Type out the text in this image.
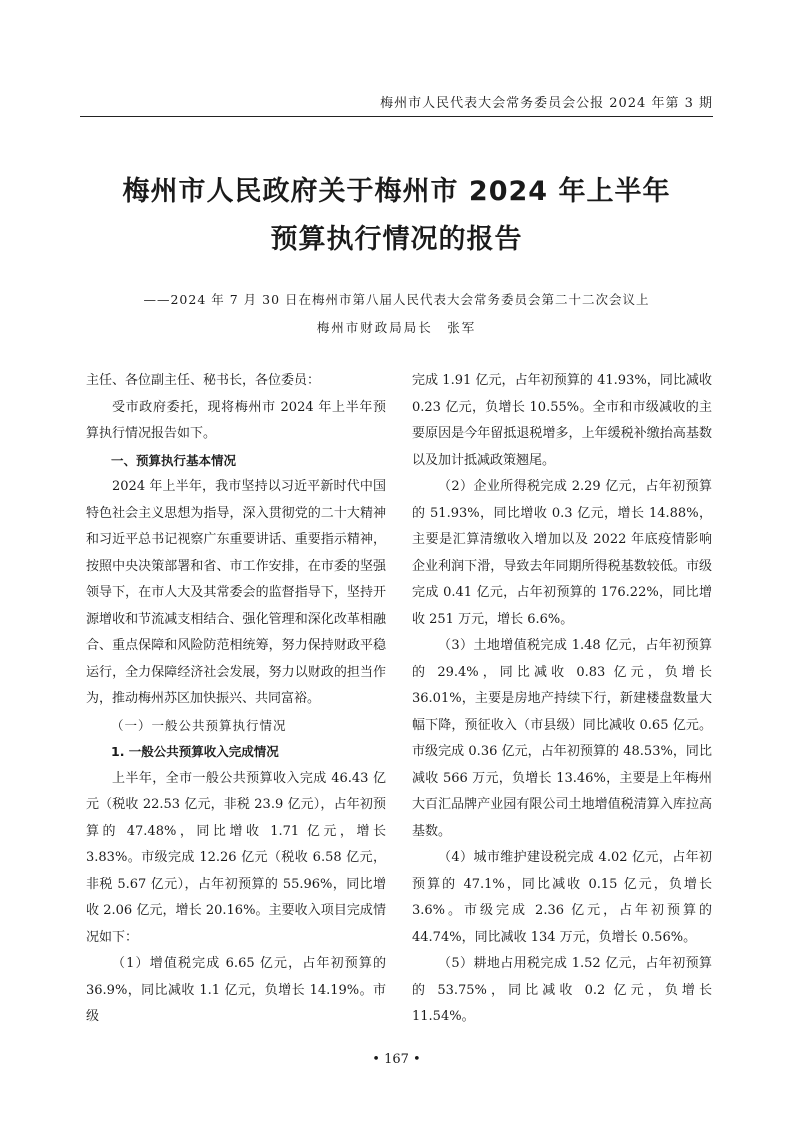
梅州市人民代表大会常务委员会公报 2024 年第 3 期
梅州市人民政府关于梅州市 2024 年上半年
预算执行情况的报告
——2024 年 7 月 30 日在梅州市第八届人民代表大会常务委员会第二十二次会议上
梅州市财政局局长　张军

主任、各位副主任、秘书长，各位委员：

受市政府委托，现将梅州市 2024 年上半年预算执行情况报告如下。

一、预算执行基本情况

2024 年上半年，我市坚持以习近平新时代中国特色社会主义思想为指导，深入贯彻党的二十大精神和习近平总书记视察广东重要讲话、重要指示精神，按照中央决策部署和省、市工作安排，在市委的坚强领导下，在市人大及其常委会的监督指导下，坚持开源增收和节流减支相结合、强化管理和深化改革相融合、重点保障和风险防范相统筹，努力保持财政平稳运行，全力保障经济社会发展，努力以财政的担当作为，推动梅州苏区加快振兴、共同富裕。

（一）一般公共预算执行情况

1. 一般公共预算收入完成情况

上半年，全市一般公共预算收入完成 46.43 亿元（税收 22.53 亿元，非税 23.9 亿元），占年初预算的 47.48%，同比增收 1.71 亿元，增长 3.83%。市级完成 12.26 亿元（税收 6.58 亿元，非税 5.67 亿元），占年初预算的 55.96%，同比增收 2.06 亿元，增长 20.16%。主要收入项目完成情况如下：

（1）增值税完成 6.65 亿元，占年初预算的 36.9%，同比减收 1.1 亿元，负增长 14.19%。市级

完成 1.91 亿元，占年初预算的 41.93%，同比减收 0.23 亿元，负增长 10.55%。全市和市级减收的主要原因是今年留抵退税增多，上年缓税补缴抬高基数以及加计抵减政策翘尾。

（2）企业所得税完成 2.29 亿元，占年初预算的 51.93%，同比增收 0.3 亿元，增长 14.88%，主要是汇算清缴收入增加以及 2022 年底疫情影响企业利润下滑，导致去年同期所得税基数较低。市级完成 0.41 亿元，占年初预算的 176.22%，同比增收 251 万元，增长 6.6%。

（3）土地增值税完成 1.48 亿元，占年初预算的 29.4%，同比减收 0.83 亿元，负增长 36.01%，主要是房地产持续下行，新建楼盘数量大幅下降，预征收入（市县级）同比减收 0.65 亿元。市级完成 0.36 亿元，占年初预算的 48.53%，同比减收 566 万元，负增长 13.46%，主要是上年梅州大百汇品牌产业园有限公司土地增值税清算入库拉高基数。

（4）城市维护建设税完成 4.02 亿元，占年初预算的 47.1%，同比减收 0.15 亿元，负增长 3.6%。市级完成 2.36 亿元，占年初预算的 44.74%，同比减收 134 万元，负增长 0.56%。

（5）耕地占用税完成 1.52 亿元，占年初预算的 53.75%，同比减收 0.2 亿元，负增长 11.54%。

• 167 •
